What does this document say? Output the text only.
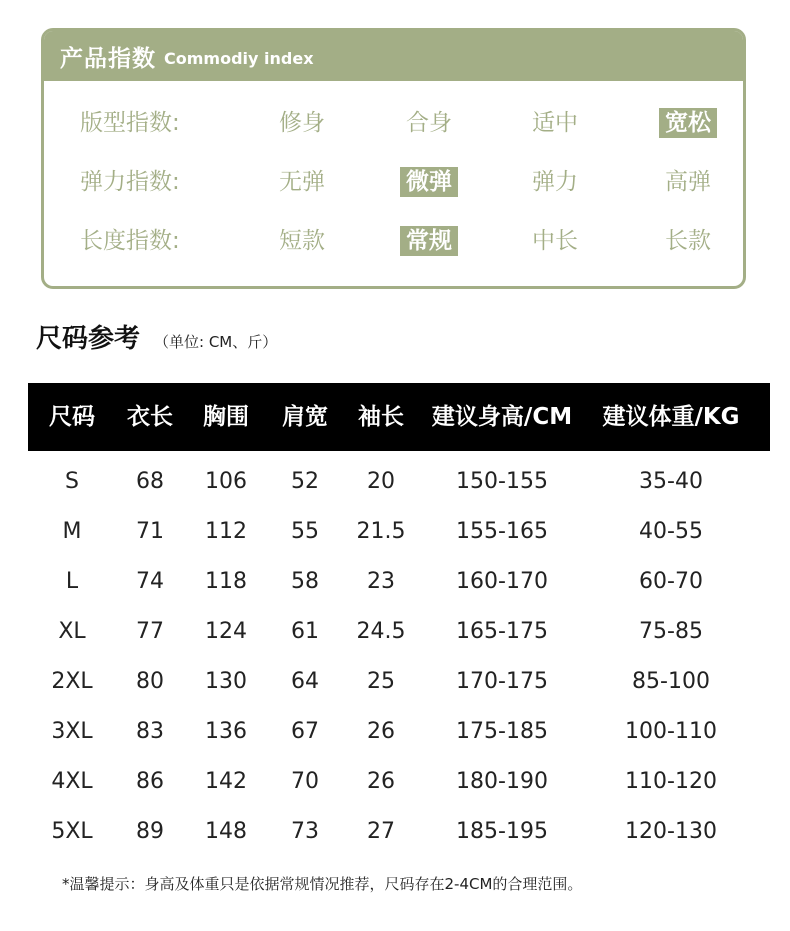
产品指数 Commodiy index
版型指数:	修身	合身	适中	宽松
弹力指数:	无弹	微弹	弹力	高弹
长度指数:	短款	常规	中长	长款
尺码参考 （单位: CM、斤）
尺码 衣长 胸围 肩宽 袖长 建议身高/CM 建议体重/KG
S	68 106 52 20	150-155	35-40
M 71 112 55 21.5 155-165	40-55
L	74 118 58 23	160-170	60-70
XL 77 124 61 24.5 165-175	75-85
2XL 80 130 64 25	170-175	85-100
3XL 83 136 67 26	175-185	100-110
4XL 86 142 70 26	180-190	110-120
5XL 89 148 73 27	185-195	120-130
*温馨提示：身高及体重只是依据常规情况推荐，尺码存在2-4CM的合理范围。
